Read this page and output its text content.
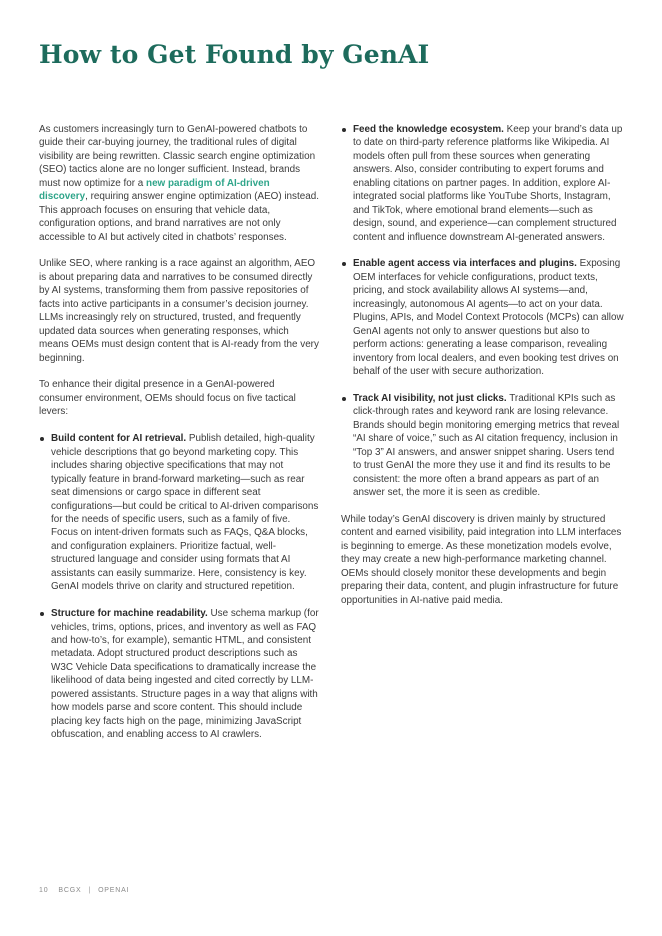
How to Get Found by GenAI

As customers increasingly turn to GenAI-powered chatbots to guide their car-buying journey, the traditional rules of digital visibility are being rewritten. Classic search engine optimization (SEO) tactics alone are no longer sufficient. Instead, brands must now optimize for a new paradigm of AI-driven discovery, requiring answer engine optimization (AEO) instead. This approach focuses on ensuring that vehicle data, configuration options, and brand narratives are not only accessible to AI but actively cited in chatbots’ responses.

Unlike SEO, where ranking is a race against an algorithm, AEO is about preparing data and narratives to be consumed directly by AI systems, transforming them from passive repositories of facts into active participants in a consumer’s decision journey. LLMs increasingly rely on structured, trusted, and frequently updated data sources when generating responses, which means OEMs must design content that is AI-ready from the very beginning.

To enhance their digital presence in a GenAI-powered consumer environment, OEMs should focus on five tactical levers:

Build content for AI retrieval. Publish detailed, high-quality vehicle descriptions that go beyond marketing copy. This includes sharing objective specifications that may not typically feature in brand-forward marketing—such as rear seat dimensions or cargo space in different seat configurations—but could be critical to AI-driven comparisons for the needs of specific users, such as a family of five. Focus on intent-driven formats such as FAQs, Q&A blocks, and configuration explainers. Prioritize factual, well-structured language and consider using formats that AI assistants can easily summarize. Here, consistency is key. GenAI models thrive on clarity and structured repetition.
Structure for machine readability. Use schema markup (for vehicles, trims, options, prices, and inventory as well as FAQ and how-to’s, for example), semantic HTML, and consistent metadata. Adopt structured product descriptions such as W3C Vehicle Data specifications to dramatically increase the likelihood of data being ingested and cited correctly by LLM-powered assistants. Structure pages in a way that aligns with how models parse and score content. This should include placing key facts high on the page, minimizing JavaScript obfuscation, and enabling access to AI crawlers.
Feed the knowledge ecosystem. Keep your brand’s data up to date on third-party reference platforms like Wikipedia. AI models often pull from these sources when generating answers. Also, consider contributing to expert forums and enabling citations on partner pages. In addition, explore AI-integrated social platforms like YouTube Shorts, Instagram, and TikTok, where emotional brand elements—such as design, sound, and experience—can complement structured content and influence downstream AI-generated answers.
Enable agent access via interfaces and plugins. Exposing OEM interfaces for vehicle configurations, product texts, pricing, and stock availability allows AI systems—and, increasingly, autonomous AI agents—to act on your data. Plugins, APIs, and Model Context Protocols (MCPs) can allow GenAI agents not only to answer questions but also to perform actions: generating a lease comparison, revealing inventory from local dealers, and even booking test drives on behalf of the user with secure authorization.
Track AI visibility, not just clicks. Traditional KPIs such as click-through rates and keyword rank are losing relevance. Brands should begin monitoring emerging metrics that reveal “AI share of voice,” such as AI citation frequency, inclusion in “Top 3” AI answers, and answer snippet sharing. Users tend to trust GenAI the more they use it and find its results to be consistent: the more often a brand appears as part of an answer set, the more it is seen as credible.

While today’s GenAI discovery is driven mainly by structured content and earned visibility, paid integration into LLM interfaces is beginning to emerge. As these monetization models evolve, they may create a new high-performance marketing channel. OEMs should closely monitor these developments and begin preparing their data, content, and plugin infrastructure for future opportunities in AI-native paid media.

10 BCGX | OPENAI
